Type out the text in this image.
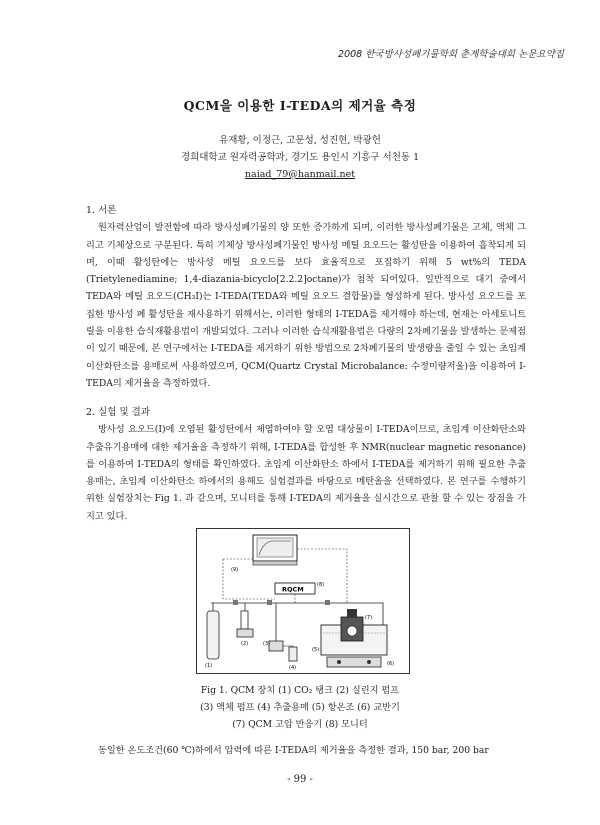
2008 한국방사성폐기물학회 춘계학술대회 논문요약집
QCM을 이용한 I-TEDA의 제거율 측정
유재황, 이정근, 고문성, 성진현, 박광헌
경희대학교 원자력공학과, 경기도 용인시 기흥구 서천동 1
naiad_79@hanmail.net
1. 서론

원자력산업이 발전함에 따라 방사성폐기물의 양 또한 증가하게 되며, 이러한 방사성폐기물은 고체, 액체 그리고 기체상으로 구분된다. 특히 기체상 방사성폐기물인 방사성 메틸 요오드는 활성탄을 이용하여 흡착되게 되며, 이때 활성탄에는 방사성 메틸 요오드를 보다 효율적으로 포집하기 위해 5 wt%의 TEDA (Trietylenediamine; 1,4-diazania-bicyclo[2.2.2]octane)가 첨착 되어있다. 일반적으로 대기 중에서 TEDA와 메틸 요오드(CH₃I)는 I-TEDA(TEDA와 메틸 요오드 결합물)를 형성하게 된다. 방사성 요오드를 포집한 방사성 폐 활성탄을 재사용하기 위해서는, 이러한 형태의 I-TEDA를 제거해야 하는데, 현재는 아세토니트릴을 이용한 습식재활용법이 개발되었다. 그러나 이러한 습식재활용법은 다량의 2차폐기물을 발생하는 문제점이 있기 때문에, 본 연구에서는 I-TEDA를 제거하기 위한 방법으로 2차폐기물의 발생량을 줄일 수 있는 초임계 이산화탄소를 용매로써 사용하였으며, QCM(Quartz Crystal Microbalance: 수정미량저울)을 이용하여 I-TEDA의 제거율을 측정하였다.

2. 실험 및 결과

방사성 요오드(I)에 오염된 활성탄에서 제염하여야 할 오염 대상물이 I-TEDA이므로, 초임계 이산화탄소와 추출유기용매에 대한 제거율을 측정하기 위해, I-TEDA를 합성한 후 NMR(nuclear magnetic resonance)를 이용하여 I-TEDA의 형태를 확인하였다. 초임계 이산화탄소 하에서 I-TEDA를 제거하기 위해 필요한 추출용매는, 초임계 이산화탄소 하에서의 용해도 실험결과를 바탕으로 메탄올을 선택하였다. 본 연구를 수행하기 위한 실험장치는 Fig 1. 과 같으며, 모니터를 통해 I-TEDA의 제거율을 실시간으로 관찰 할 수 있는 장점을 가지고 있다.

(9)
RQCM
(8)
(1)
(2)	(3)
(4)
(5)
(7)
(6)
Fig 1. QCM 장치 (1) CO₂ 탱크 (2) 실린지 펌프
(3) 액체 펌프 (4) 추출용매 (5) 항온조 (6) 교반기
(7) QCM 고압 반응기 (8) 모니터
동일한 온도조건(60 ℃)하에서 압력에 따른 I-TEDA의 제거율을 측정한 결과, 150 bar, 200 bar
- 99 -
